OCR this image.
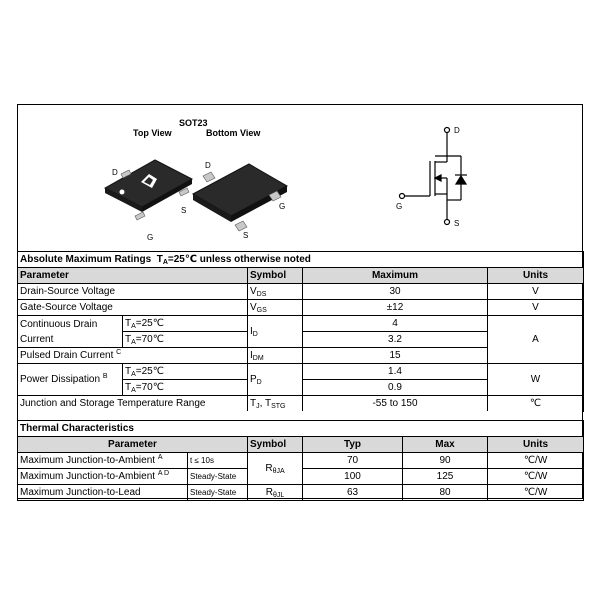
SOT23
Top View	Bottom View
D
S
G
D
G
S
D
G
S
Absolute Maximum Ratings $T_A=25℃$ unless otherwise noted				
Parameter		Symbol	Maximum	Units
Drain-Source Voltage		$V_{DS}$	30	V
Gate-Source Voltage		$V_{GS}$	±12	V
Continuous Drain Current	$T_A=25℃$	$I_D$	4	A
	$T_A=70℃$		3.2	
Pulsed Drain Current $^C$		$I_{DM}$	15	
Power Dissipation $^B$	$T_A=25℃$	$P_D$	1.4	W
	$T_A=70℃$		0.9	
Junction and Storage Temperature Range		$T_J$, $T_{STG}$	-55 to 150	℃
Thermal Characteristics					
Parameter		Symbol	Typ	Max	Units
Maximum Junction-to-Ambient $^A$	t ≤ 10s	$R_{\theta JA}$	70	90	℃/W
Maximum Junction-to-Ambient $^{A D}$	Steady-State		100	125	℃/W
Maximum Junction-to-Lead	Steady-State	$R_{\theta JL}$	63	80	℃/W
